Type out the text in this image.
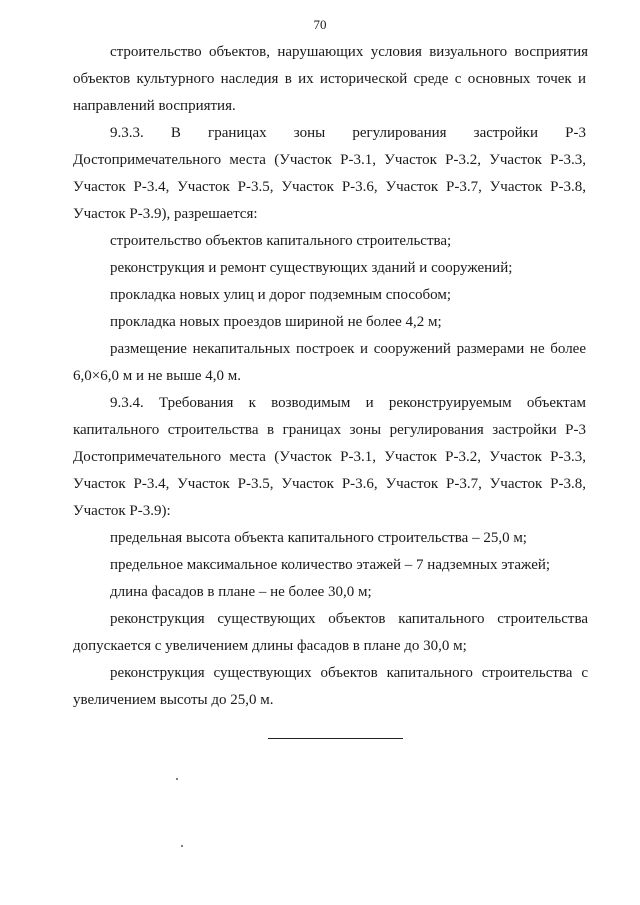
70
строительство объектов, нарушающих условия визуального восприятия
объектов культурного наследия в их исторической среде с основных точек и
направлений восприятия.
9.3.3. В границах зоны регулирования застройки Р-3
Достопримечательного места (Участок Р-3.1, Участок Р-3.2, Участок Р-3.3,
Участок Р-3.4, Участок Р-3.5, Участок Р-3.6, Участок Р-3.7, Участок Р-3.8,
Участок Р-3.9), разрешается:
строительство объектов капитального строительства;
реконструкция и ремонт существующих зданий и сооружений;
прокладка новых улиц и дорог подземным способом;
прокладка новых проездов шириной не более 4,2 м;
размещение некапитальных построек и сооружений размерами не более
6,0×6,0 м и не выше 4,0 м.
9.3.4. Требования к возводимым и реконструируемым объектам
капитального строительства в границах зоны регулирования застройки Р-3
Достопримечательного места (Участок Р-3.1, Участок Р-3.2, Участок Р-3.3,
Участок Р-3.4, Участок Р-3.5, Участок Р-3.6, Участок Р-3.7, Участок Р-3.8,
Участок Р-3.9):
предельная высота объекта капитального строительства – 25,0 м;
предельное максимальное количество этажей – 7 надземных этажей;
длина фасадов в плане – не более 30,0 м;
реконструкция существующих объектов капитального строительства
допускается с увеличением длины фасадов в плане до 30,0 м;
реконструкция существующих объектов капитального строительства с
увеличением высоты до 25,0 м.
